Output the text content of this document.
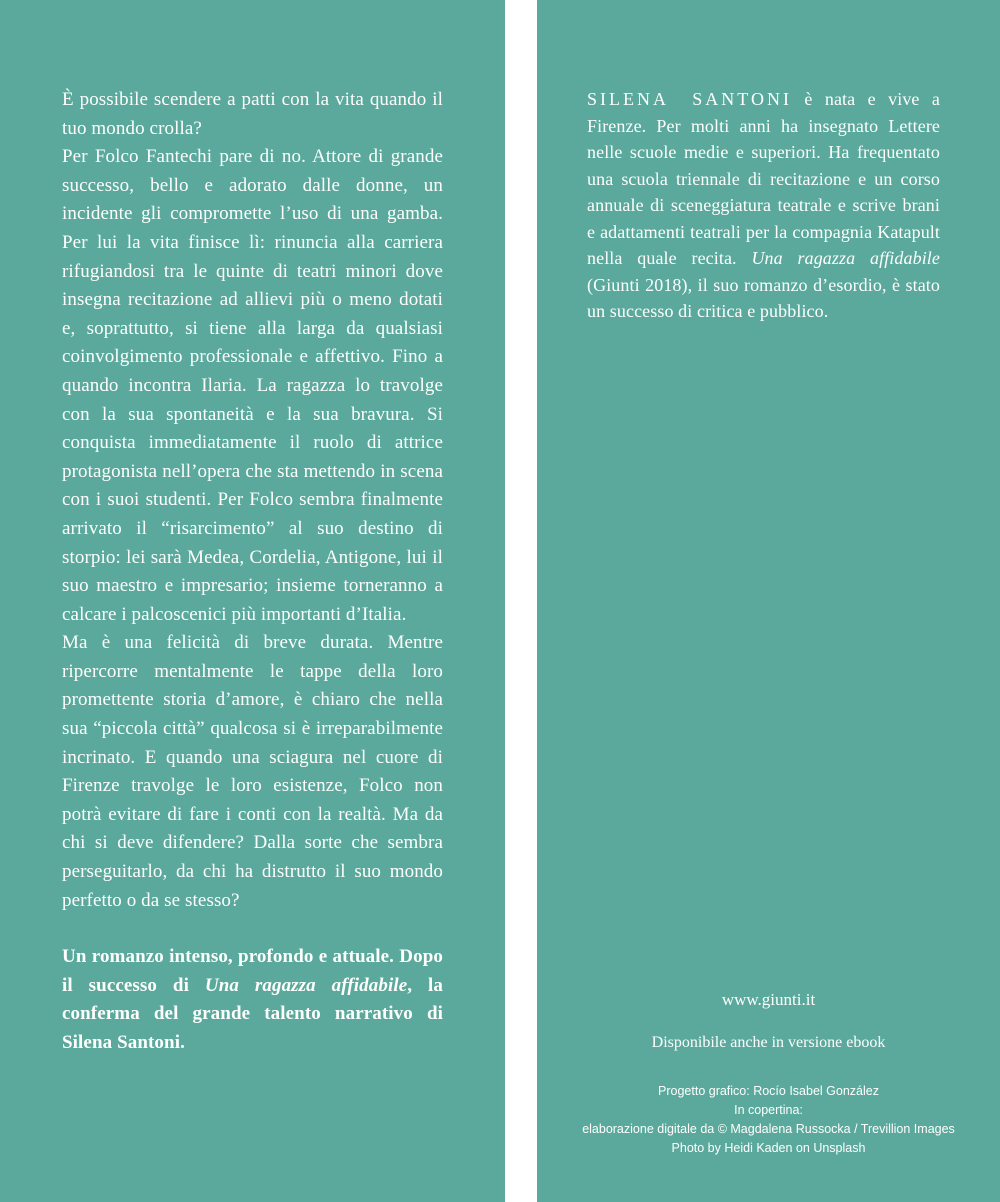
È possibile scendere a patti con la vita quando il tuo mondo crolla?

Per Folco Fantechi pare di no. Attore di grande successo, bello e adorato dalle donne, un incidente gli compromette l’uso di una gamba. Per lui la vita finisce lì: rinuncia alla carriera rifugiandosi tra le quinte di teatri minori dove insegna recitazione ad allievi più o meno dotati e, soprattutto, si tiene alla larga da qualsiasi coinvolgimento professionale e affettivo. Fino a quando incontra Ilaria. La ragazza lo travolge con la sua spontaneità e la sua bravura. Si conquista immediatamente il ruolo di attrice protagonista nell’opera che sta mettendo in scena con i suoi studenti. Per Folco sembra finalmente arrivato il “risarcimento” al suo destino di storpio: lei sarà Medea, Cordelia, Antigone, lui il suo maestro e impresario; insieme torneranno a calcare i palcoscenici più importanti d’Italia.

Ma è una felicità di breve durata. Mentre ripercorre mentalmente le tappe della loro promettente storia d’amore, è chiaro che nella sua “piccola città” qualcosa si è irreparabilmente incrinato. E quando una sciagura nel cuore di Firenze travolge le loro esistenze, Folco non potrà evitare di fare i conti con la realtà. Ma da chi si deve difendere? Dalla sorte che sembra perseguitarlo, da chi ha distrutto il suo mondo perfetto o da se stesso?

Un romanzo intenso, profondo e attuale. Dopo il successo di Una ragazza affidabile, la conferma del grande talento narrativo di Silena Santoni.

SILENA SANTONI è nata e vive a Firenze. Per molti anni ha insegnato Lettere nelle scuole medie e superiori. Ha frequentato una scuola triennale di recitazione e un corso annuale di sceneggiatura teatrale e scrive brani e adattamenti teatrali per la compagnia Katapult nella quale recita. Una ragazza affidabile (Giunti 2018), il suo romanzo d’esordio, è stato un successo di critica e pubblico.

www.giunti.it
Disponibile anche in versione ebook
Progetto grafico: Rocío Isabel González
In copertina:
elaborazione digitale da © Magdalena Russocka / Trevillion Images
Photo by Heidi Kaden on Unsplash
